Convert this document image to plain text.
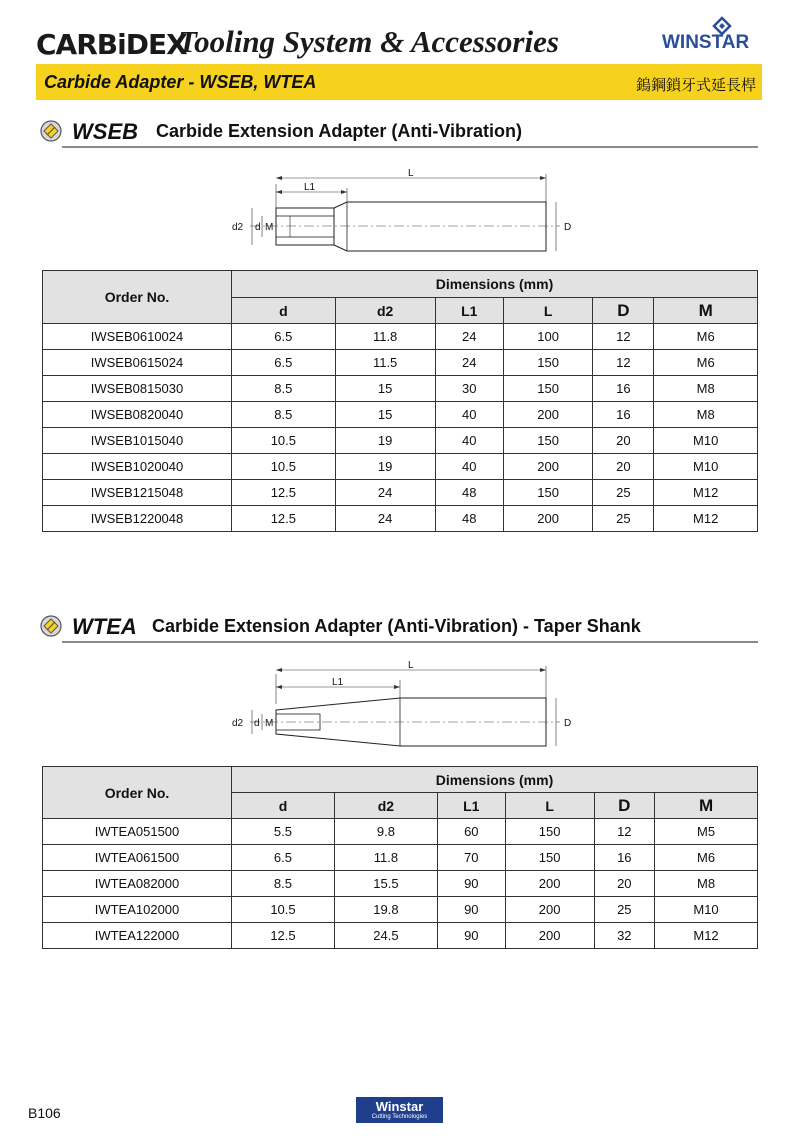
CARBiDEX
Tooling System & Accessories	WINSTAR
Carbide Adapter - WSEB, WTEA	鎢鋼鎖牙式延長桿
WSEB Carbide Extension Adapter (Anti-Vibration)
L
L1
d2 d M	D
Order No.	Dimensions (mm)					
	d	d2	L1	L	D	M
IWSEB0610024	6.5	11.8	24	100	12	M6
IWSEB0615024	6.5	11.5	24	150	12	M6
IWSEB0815030	8.5	15	30	150	16	M8
IWSEB0820040	8.5	15	40	200	16	M8
IWSEB1015040	10.5	19	40	150	20	M10
IWSEB1020040	10.5	19	40	200	20	M10
IWSEB1215048	12.5	24	48	150	25	M12
IWSEB1220048	12.5	24	48	200	25	M12
WTEA Carbide Extension Adapter (Anti-Vibration) - Taper Shank
L
L1
d2 d M	D
Order No.	Dimensions (mm)					
	d	d2	L1	L	D	M
IWTEA051500	5.5	9.8	60	150	12	M5
IWTEA061500	6.5	11.8	70	150	16	M6
IWTEA082000	8.5	15.5	90	200	20	M8
IWTEA102000	10.5	19.8	90	200	25	M10
IWTEA122000	12.5	24.5	90	200	32	M12
B106	Winstar
Cutting Technologies
